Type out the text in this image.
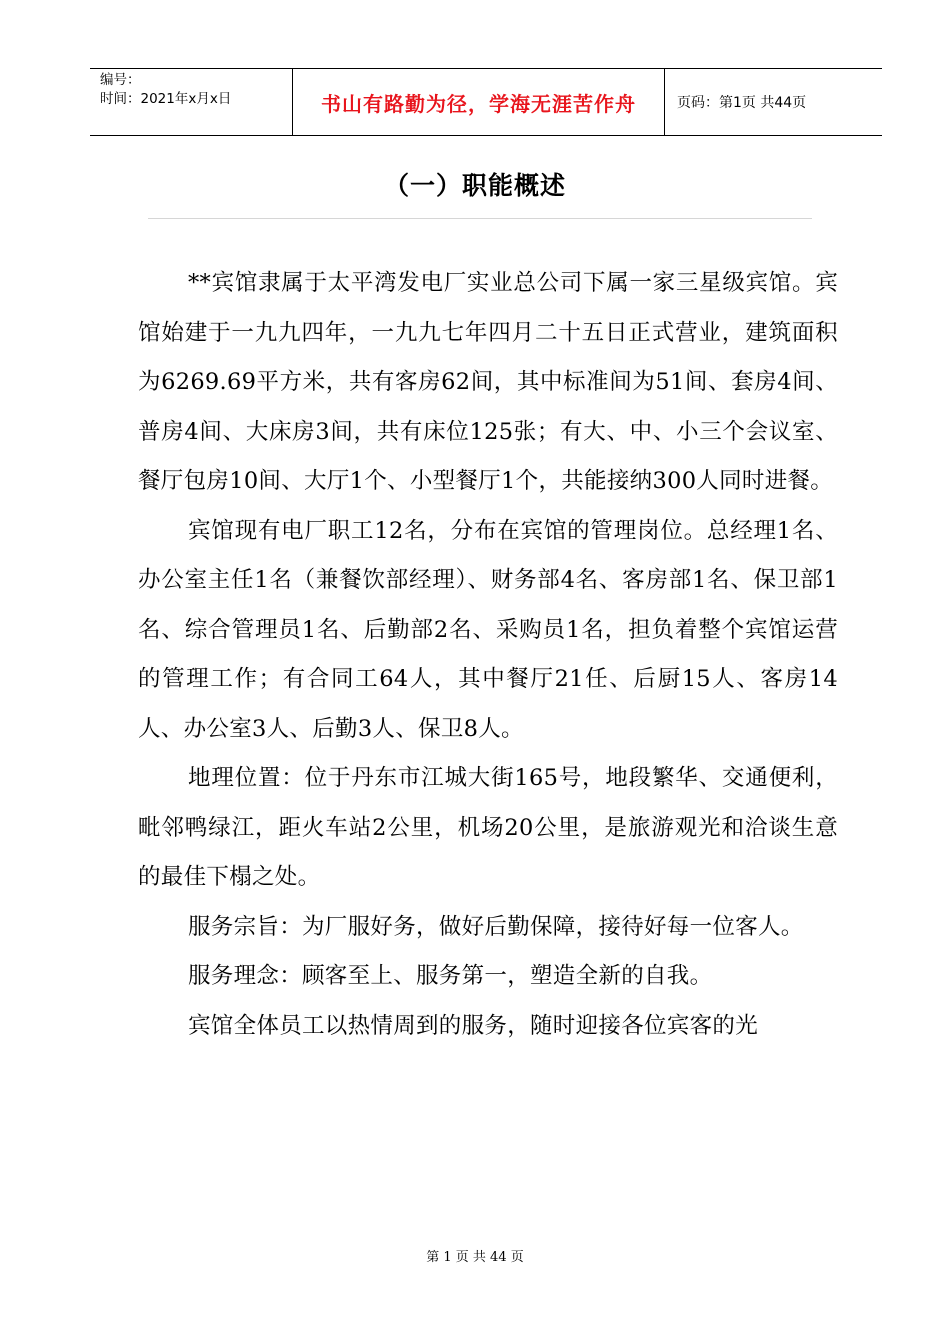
编号：
时间：2021年x月x日	书山有路勤为径，学海无涯苦作舟	页码：第1页 共44页
（一）职能概述

**宾馆隶属于太平湾发电厂实业总公司下属一家三星级宾馆。宾馆始建于一九九四年，一九九七年四月二十五日正式营业，建筑面积为6269.69平方米，共有客房62间，其中标准间为51间、套房4间、普房4间、大床房3间，共有床位125张；有大、中、小三个会议室、餐厅包房10间、大厅1个、小型餐厅1个，共能接纳300人同时进餐。

宾馆现有电厂职工12名，分布在宾馆的管理岗位。总经理1名、办公室主任1名（兼餐饮部经理）、财务部4名、客房部1名、保卫部1名、综合管理员1名、后勤部2名、采购员1名，担负着整个宾馆运营的管理工作；有合同工64人，其中餐厅21任、后厨15人、客房14人、办公室3人、后勤3人、保卫8人。

地理位置：位于丹东市江城大街165号，地段繁华、交通便利，毗邻鸭绿江，距火车站2公里，机场20公里，是旅游观光和洽谈生意的最佳下榻之处。

服务宗旨：为厂服好务，做好后勤保障，接待好每一位客人。

服务理念：顾客至上、服务第一，塑造全新的自我。

宾馆全体员工以热情周到的服务，随时迎接各位宾客的光

第 1 页 共 44 页
